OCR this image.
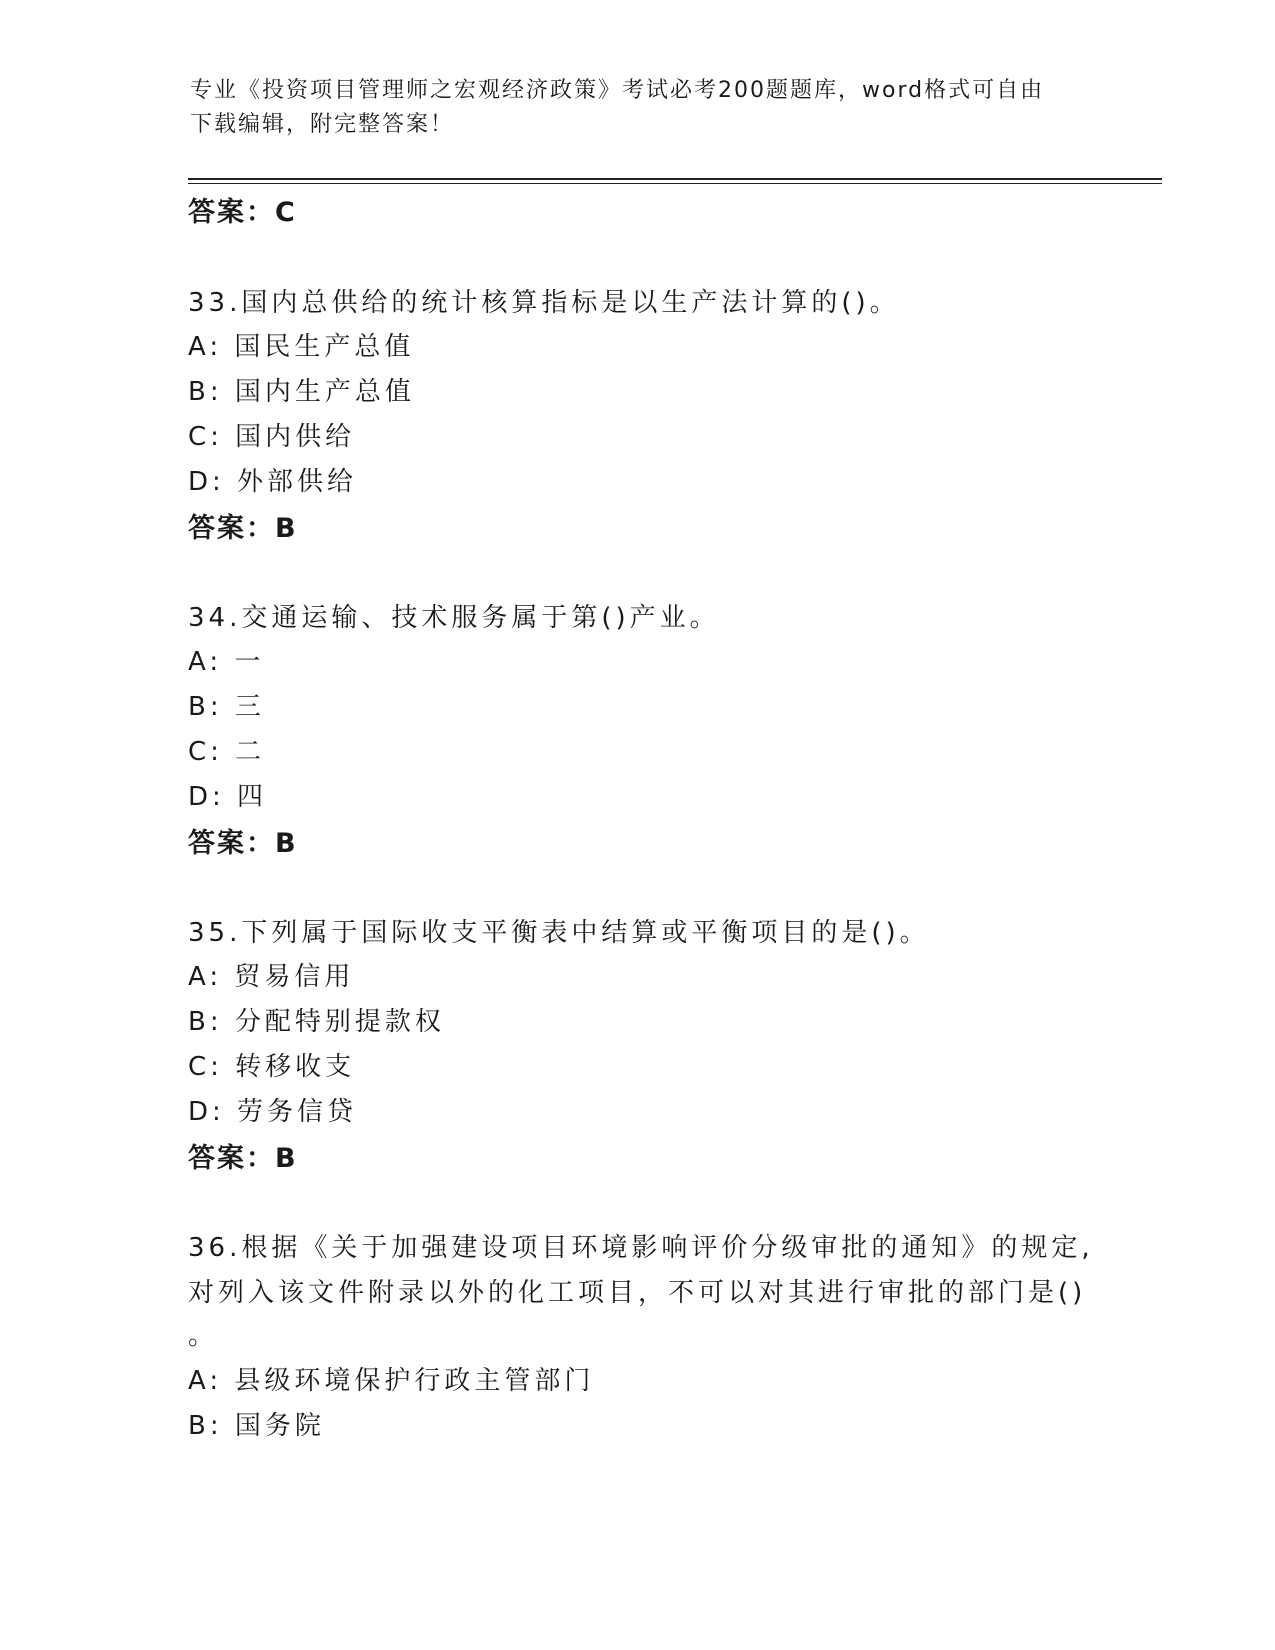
专业《投资项目管理师之宏观经济政策》考试必考200题题库，word格式可自由
下载编辑，附完整答案！
答案：C
33.国内总供给的统计核算指标是以生产法计算的()。
A: 国民生产总值
B: 国内生产总值
C: 国内供给
D: 外部供给
答案：B
34.交通运输、技术服务属于第()产业。
A: 一
B: 三
C: 二
D: 四
答案：B
35.下列属于国际收支平衡表中结算或平衡项目的是()。
A: 贸易信用
B: 分配特别提款权
C: 转移收支
D: 劳务信贷
答案：B
36.根据《关于加强建设项目环境影响评价分级审批的通知》的规定,
对列入该文件附录以外的化工项目，不可以对其进行审批的部门是()
。
A: 县级环境保护行政主管部门
B: 国务院
